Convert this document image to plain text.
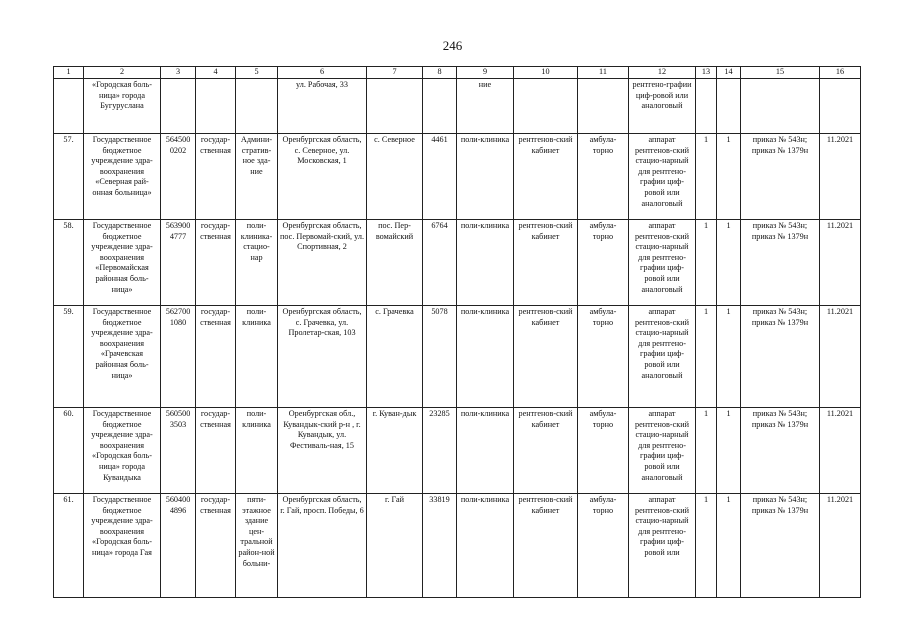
246
1	2	3	4	5	6	7	8	9	10	11	12	13	14	15	16
	«Городская боль-ница» города Бугуруслана				ул. Рабочая, 33			ние			рентгено-графии циф-ровой или аналоговый				
57.	Государственное бюджетное учреждение здра-воохранения «Северная рай-онная больница»	564500 0202	государ-ственная	Админи-стратив-ное зда-ние	Оренбургская область, с. Северное, ул. Московская, 1	с. Северное	4461	поли-клиника	рентгенов-ский кабинет	амбула-торно	аппарат рентгенов-ский стацио-нарный для рентгено-графии циф-ровой или аналоговый	1	1	приказ № 543н; приказ № 1379н	11.2021
58.	Государственное бюджетное учреждение здра-воохранения «Первомайская районная боль-ница»	563900 4777	государ-ственная	поли-клиника-стацио-нар	Оренбургская область, пос. Первомай-ский, ул. Спортивная, 2	пос. Пер-вомайский	6764	поли-клиника	рентгенов-ский кабинет	амбула-торно	аппарат рентгенов-ский стацио-нарный для рентгено-графии циф-ровой или аналоговый	1	1	приказ № 543н; приказ № 1379н	11.2021
59.	Государственное бюджетное учреждение здра-воохранения «Грачевская районная боль-ница»	562700 1080	государ-ственная	поли-клиника	Оренбургская область, с. Грачевка, ул. Пролетар-ская, 103	с. Грачевка	5078	поли-клиника	рентгенов-ский кабинет	амбула-торно	аппарат рентгенов-ский стацио-нарный для рентгено-графии циф-ровой или аналоговый	1	1	приказ № 543н; приказ № 1379н	11.2021
60.	Государственное бюджетное учреждение здра-воохранения «Городская боль-ница» города Кувандыка	560500 3503	государ-ственная	поли-клиника	Оренбургская обл., Кувандык-ский р-н , г. Кувандык, ул. Фестиваль-ная, 15	г. Куван-дык	23285	поли-клиника	рентгенов-ский кабинет	амбула-торно	аппарат рентгенов-ский стацио-нарный для рентгено-графии циф-ровой или аналоговый	1	1	приказ № 543н; приказ № 1379н	11.2021
61.	Государственное бюджетное учреждение здра-воохранения «Городская боль-ница» города Гая	560400 4896	государ-ственная	пяти-этажное здание цен-тральной район-ной больни-	Оренбургская область, г. Гай, просп. Победы, 6	г. Гай	33819	поли-клиника	рентгенов-ский кабинет	амбула-торно	аппарат рентгенов-ский стацио-нарный для рентгено-графии циф-ровой или	1	1	приказ № 543н; приказ № 1379н	11.2021
